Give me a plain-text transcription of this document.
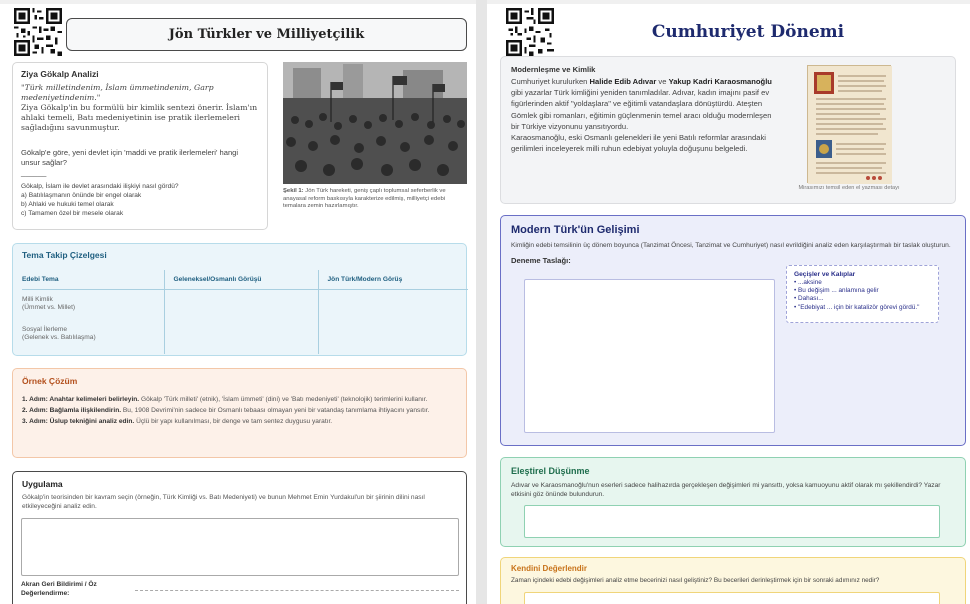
Jön Türkler ve Milliyetçilik
Ziya Gökalp Analizi
"Türk milletindenim, İslam ümmetindenim, Garp medeniyetindenim."
Ziya Gökalp'in bu formülü bir kimlik sentezi önerir. İslam'ın ahlaki temeli, Batı medeniyetinin ise pratik ilerlemeleri sağladığını savunmuştur.
Gökalp'e göre, yeni devlet için 'maddi ve pratik ilerlemeleri' hangi unsur sağlar?
______
Gökalp, İslam ile devlet arasındaki ilişkiyi nasıl gördü?
a) Batılılaşmanın önünde bir engel olarak
b) Ahlaki ve hukuki temel olarak
c) Tamamen özel bir mesele olarak
Şekil 1: Jön Türk hareketi, geniş çaplı toplumsal seferberlik ve anayasal reform baskısıyla karakterize edilmiş, milliyetçi edebi temalara zemin hazırlamıştır.
Tema Takip Çizelgesi
Edebi Tema	Geleneksel/Osmanlı Görüşü	Jön Türk/Modern Görüş
Milli Kimlik
(Ümmet vs. Millet)		
Sosyal İlerleme
(Gelenek vs. Batılılaşma)		
Örnek Çözüm
1. Adım: Anahtar kelimeleri belirleyin. Gökalp 'Türk milleti' (etnik), 'İslam ümmeti' (dini) ve 'Batı medeniyeti' (teknolojik) terimlerini kullanır.
2. Adım: Bağlamla ilişkilendirin. Bu, 1908 Devrimi'nin sadece bir Osmanlı tebaası olmayan yeni bir vatandaş tanımlama ihtiyacını yansıtır.
3. Adım: Üslup tekniğini analiz edin. Üçlü bir yapı kullanılması, bir denge ve tam sentez duygusu yaratır.
Uygulama
Gökalp'in teorisinden bir kavram seçin (örneğin, Türk Kimliği vs. Batı Medeniyeti) ve bunun Mehmet Emin Yurdakul'un bir şiirinin dilini nasıl etkileyeceğini analiz edin.
Akran Geri Bildirimi / Öz Değerlendirme:
Cumhuriyet Dönemi
Modernleşme ve Kimlik
Cumhuriyet kurulurken Halide Edib Adıvar ve Yakup Kadri Karaosmanoğlu gibi yazarlar Türk kimliğini yeniden tanımladılar. Adıvar, kadın imajını pasif ev figürlerinden aktif "yoldaşlara" ve eğitimli vatandaşlara dönüştürdü. Ateşten Gömlek gibi romanları, eğitimin güçlenmenin temel aracı olduğu modernleşen bir Türkiye vizyonunu yansıtıyordu.
Karaosmanoğlu, eski Osmanlı gelenekleri ile yeni Batılı reformlar arasındaki gerilimleri inceleyerek milli ruhun edebiyat yoluyla doğuşunu belgeledi.
Mirasımızı temsil eden el yazması detayı
Modern Türk'ün Gelişimi
Kimliğin edebi temsilinin üç dönem boyunca (Tanzimat Öncesi, Tanzimat ve Cumhuriyet) nasıl evrildiğini analiz eden karşılaştırmalı bir taslak oluşturun.
Deneme Taslağı:
Geçişler ve Kalıplar
• ...aksine
• Bu değişim ... anlamına gelir
• Dahası...
• "Edebiyat ... için bir katalizör görevi gördü."
Eleştirel Düşünme
Adıvar ve Karaosmanoğlu'nun eserleri sadece halihazırda gerçekleşen değişimleri mi yansıttı, yoksa kamuoyunu aktif olarak mı şekillendirdi? Yazar etkisini göz önünde bulundurun.
Kendini Değerlendir
Zaman içindeki edebi değişimleri analiz etme becerinizi nasıl geliştiniz? Bu becerileri derinleştirmek için bir sonraki adımınız nedir?
